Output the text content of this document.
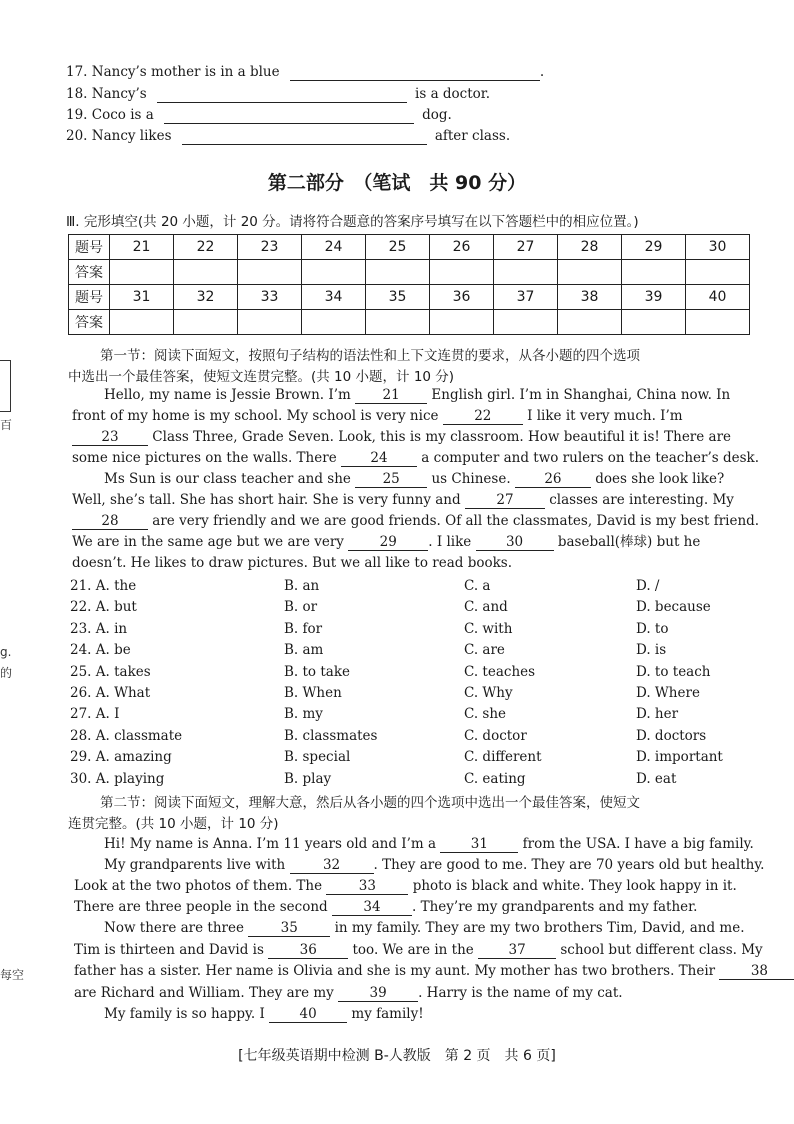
17. Nancy’s mother is in a blue	.
18. Nancy’s	is a doctor.
19. Coco is a	dog.
20. Nancy likes	after class.
第二部分　（笔试　共 90 分）
Ⅲ. 完形填空(共 20 小题，计 20 分。请将符合题意的答案序号填写在以下答题栏中的相应位置。)
题号	21	22	23	24	25	26	27	28	29	30
答案										
题号	31	32	33	34	35	36	37	38	39	40
答案										
第一节：阅读下面短文，按照句子结构的语法性和上下文连贯的要求，从各小题的四个选项
中选出一个最佳答案，使短文连贯完整。(共 10 小题，计 10 分)
Hello, my name is Jessie Brown. I’m 21 English girl. I’m in Shanghai, China now. In
front of my home is my school. My school is very nice	22	I like it very much. I’m
23 Class Three, Grade Seven. Look, this is my classroom. How beautiful it is! There are
some nice pictures on the walls. There 24 a computer and two rulers on the teacher’s desk.
Ms Sun is our class teacher and she 25 us Chinese. 26 does she look like?
Well, she’s tall. She has short hair. She is very funny and	27	classes are interesting. My
28 are very friendly and we are good friends. Of all the classmates, David is my best friend.
We are in the same age but we are very	29 . I like	30	baseball(棒球) but he
doesn’t. He likes to draw pictures. But we all like to read books.
21. A. the	B. an	C. a	D. /
22. A. but	B. or	C. and	D. because
23. A. in	B. for	C. with	D. to
24. A. be	B. am	C. are	D. is
25. A. takes	B. to take	C. teaches	D. to teach
26. A. What	B. When	C. Why	D. Where
27. A. I	B. my	C. she	D. her
28. A. classmate	B. classmates	C. doctor	D. doctors
29. A. amazing	B. special	C. different	D. important
30. A. playing	B. play	C. eating	D. eat
第二节：阅读下面短文，理解大意，然后从各小题的四个选项中选出一个最佳答案，使短文
连贯完整。(共 10 小题，计 10 分)
Hi! My name is Anna. I’m 11 years old and I’m a	31	from the USA. I have a big family.
My grandparents live with	32 . They are good to me. They are 70 years old but healthy.
Look at the two photos of them. The	33	photo is black and white. They look happy in it.
There are three people in the second	34 . They’re my grandparents and my father.
Now there are three	35	in my family. They are my two brothers Tim, David, and me.
Tim is thirteen and David is	36	too. We are in the	37	school but different class. My
father has a sister. Her name is Olivia and she is my aunt. My mother has two brothers. Their	38
are Richard and William. They are my	39 . Harry is the name of my cat.
My family is so happy. I	40	my family!
[七年级英语期中检测 B-人教版　第 2 页　共 6 页]
百
g.
的
每空
